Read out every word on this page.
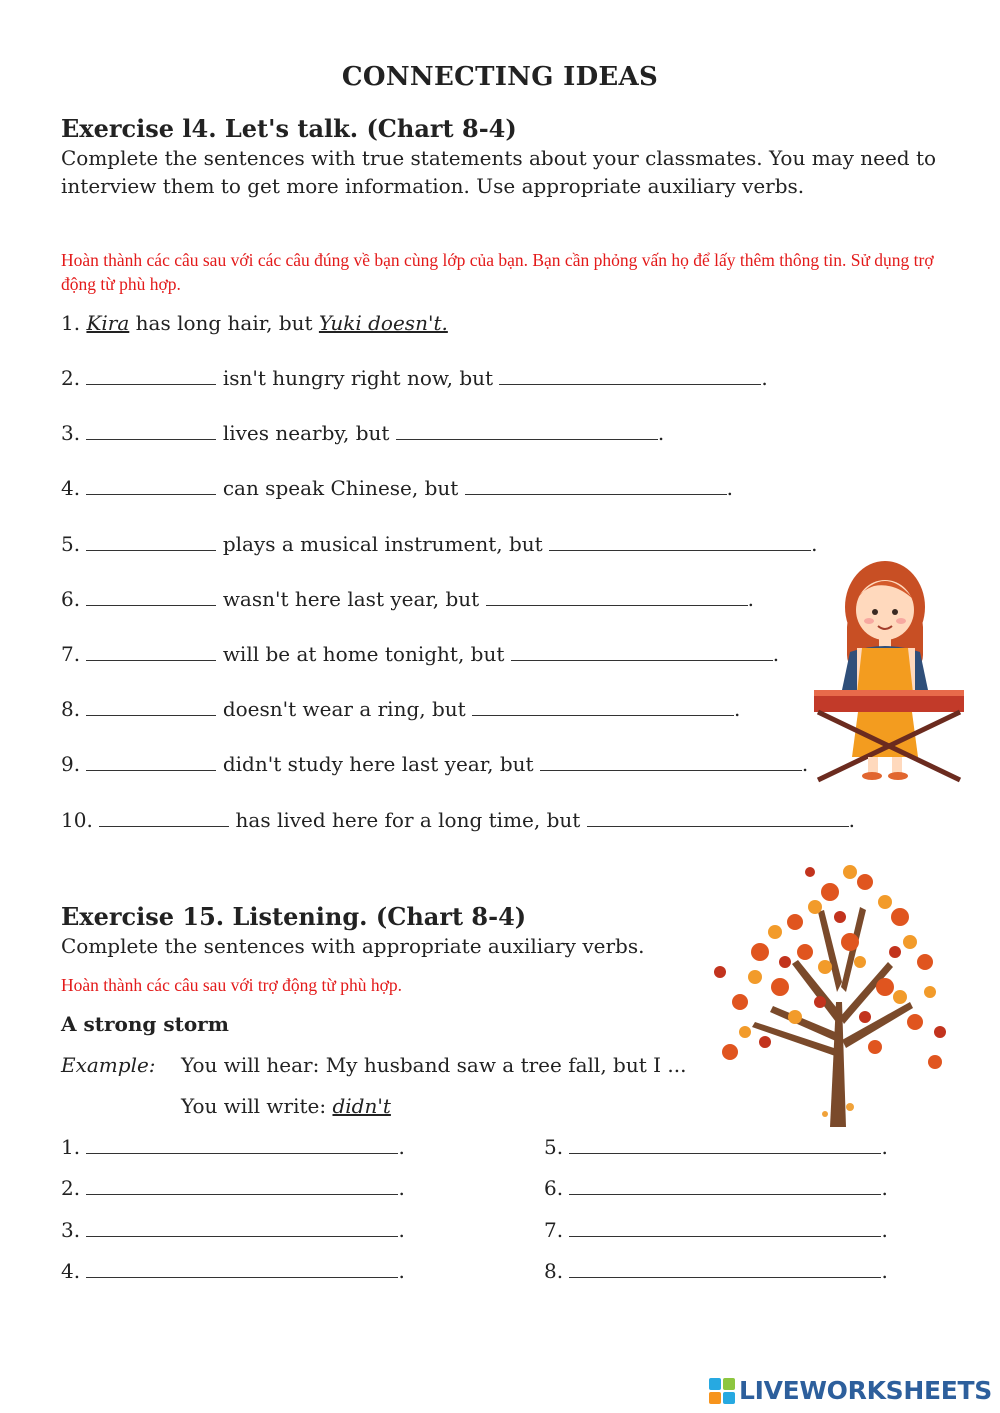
CONNECTING IDEAS
Exercise l4. Let's talk. (Chart 8-4)
Complete the sentences with true statements about your classmates. You may need to interview them to get more information. Use appropriate auxiliary verbs.
Hoàn thành các câu sau với các câu đúng về bạn cùng lớp của bạn. Bạn cần phỏng vấn họ để lấy thêm thông tin. Sử dụng trợ động từ phù hợp.
1. Kira has long hair, but Yuki doesn't.
2.	isn't hungry right now, but	.
3.	lives nearby, but	.
4.	can speak Chinese, but	.
5.	plays a musical instrument, but	.
6.	wasn't here last year, but	.
7.	will be at home tonight, but	.
8.	doesn't wear a ring, but	.
9.	didn't study here last year, but	.
10.	has lived here for a long time, but	.
Exercise 15. Listening. (Chart 8-4)
Complete the sentences with appropriate auxiliary verbs.
Hoàn thành các câu sau với trợ động từ phù hợp.
A strong storm
Example: You will hear: My husband saw a tree fall, but I ...
You will write: didn't
1.	.
2.	.
3.	.
4.	.
5.	.
6.	.
7.	.
8.	.
LIVEWORKSHEETS
